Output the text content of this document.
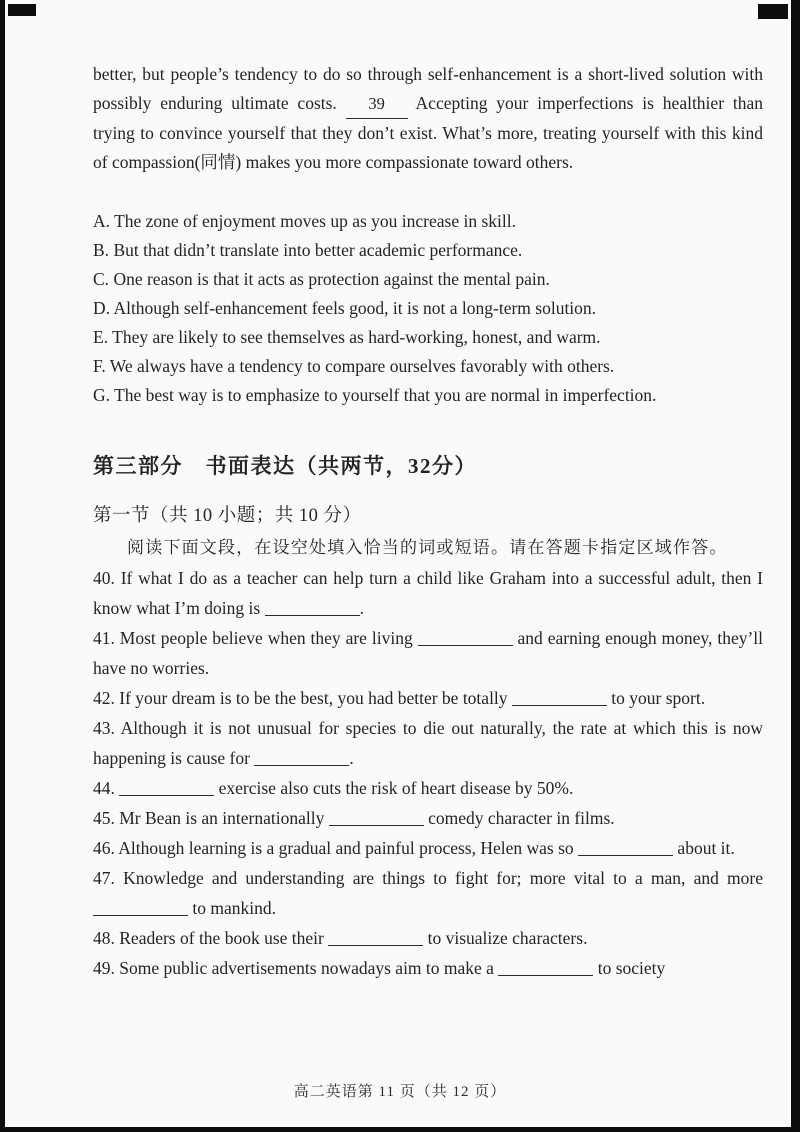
better, but people’s tendency to do so through self-enhancement is a short-lived solution with possibly enduring ultimate costs. 39 Accepting your imperfections is healthier than trying to convince yourself that they don’t exist. What’s more, treating yourself with this kind of compassion(同情) makes you more compassionate toward others.

A. The zone of enjoyment moves up as you increase in skill.

B. But that didn’t translate into better academic performance.

C. One reason is that it acts as protection against the mental pain.

D. Although self-enhancement feels good, it is not a long-term solution.

E. They are likely to see themselves as hard-working, honest, and warm.

F. We always have a tendency to compare ourselves favorably with others.

G. The best way is to emphasize to yourself that you are normal in imperfection.

第三部分　书面表达（共两节，32分）
第一节（共 10 小题；共 10 分）

阅读下面文段，在设空处填入恰当的词或短语。请在答题卡指定区域作答。

40. If what I do as a teacher can help turn a child like Graham into a successful adult, then I know what I’m doing is	.

41. Most people believe when they are living	and earning enough money, they’ll have no worries.

42. If your dream is to be the best, you had better be totally	to your sport.

43. Although it is not unusual for species to die out naturally, the rate at which this is now happening is cause for	.

44.	exercise also cuts the risk of heart disease by 50%.

45. Mr Bean is an internationally	comedy character in films.

46. Although learning is a gradual and painful process, Helen was so	about it.

47. Knowledge and understanding are things to fight for; more vital to a man, and more  to mankind.

48. Readers of the book use their	to visualize characters.

49. Some public advertisements nowadays aim to make a	to society

高二英语第 11 页（共 12 页）
